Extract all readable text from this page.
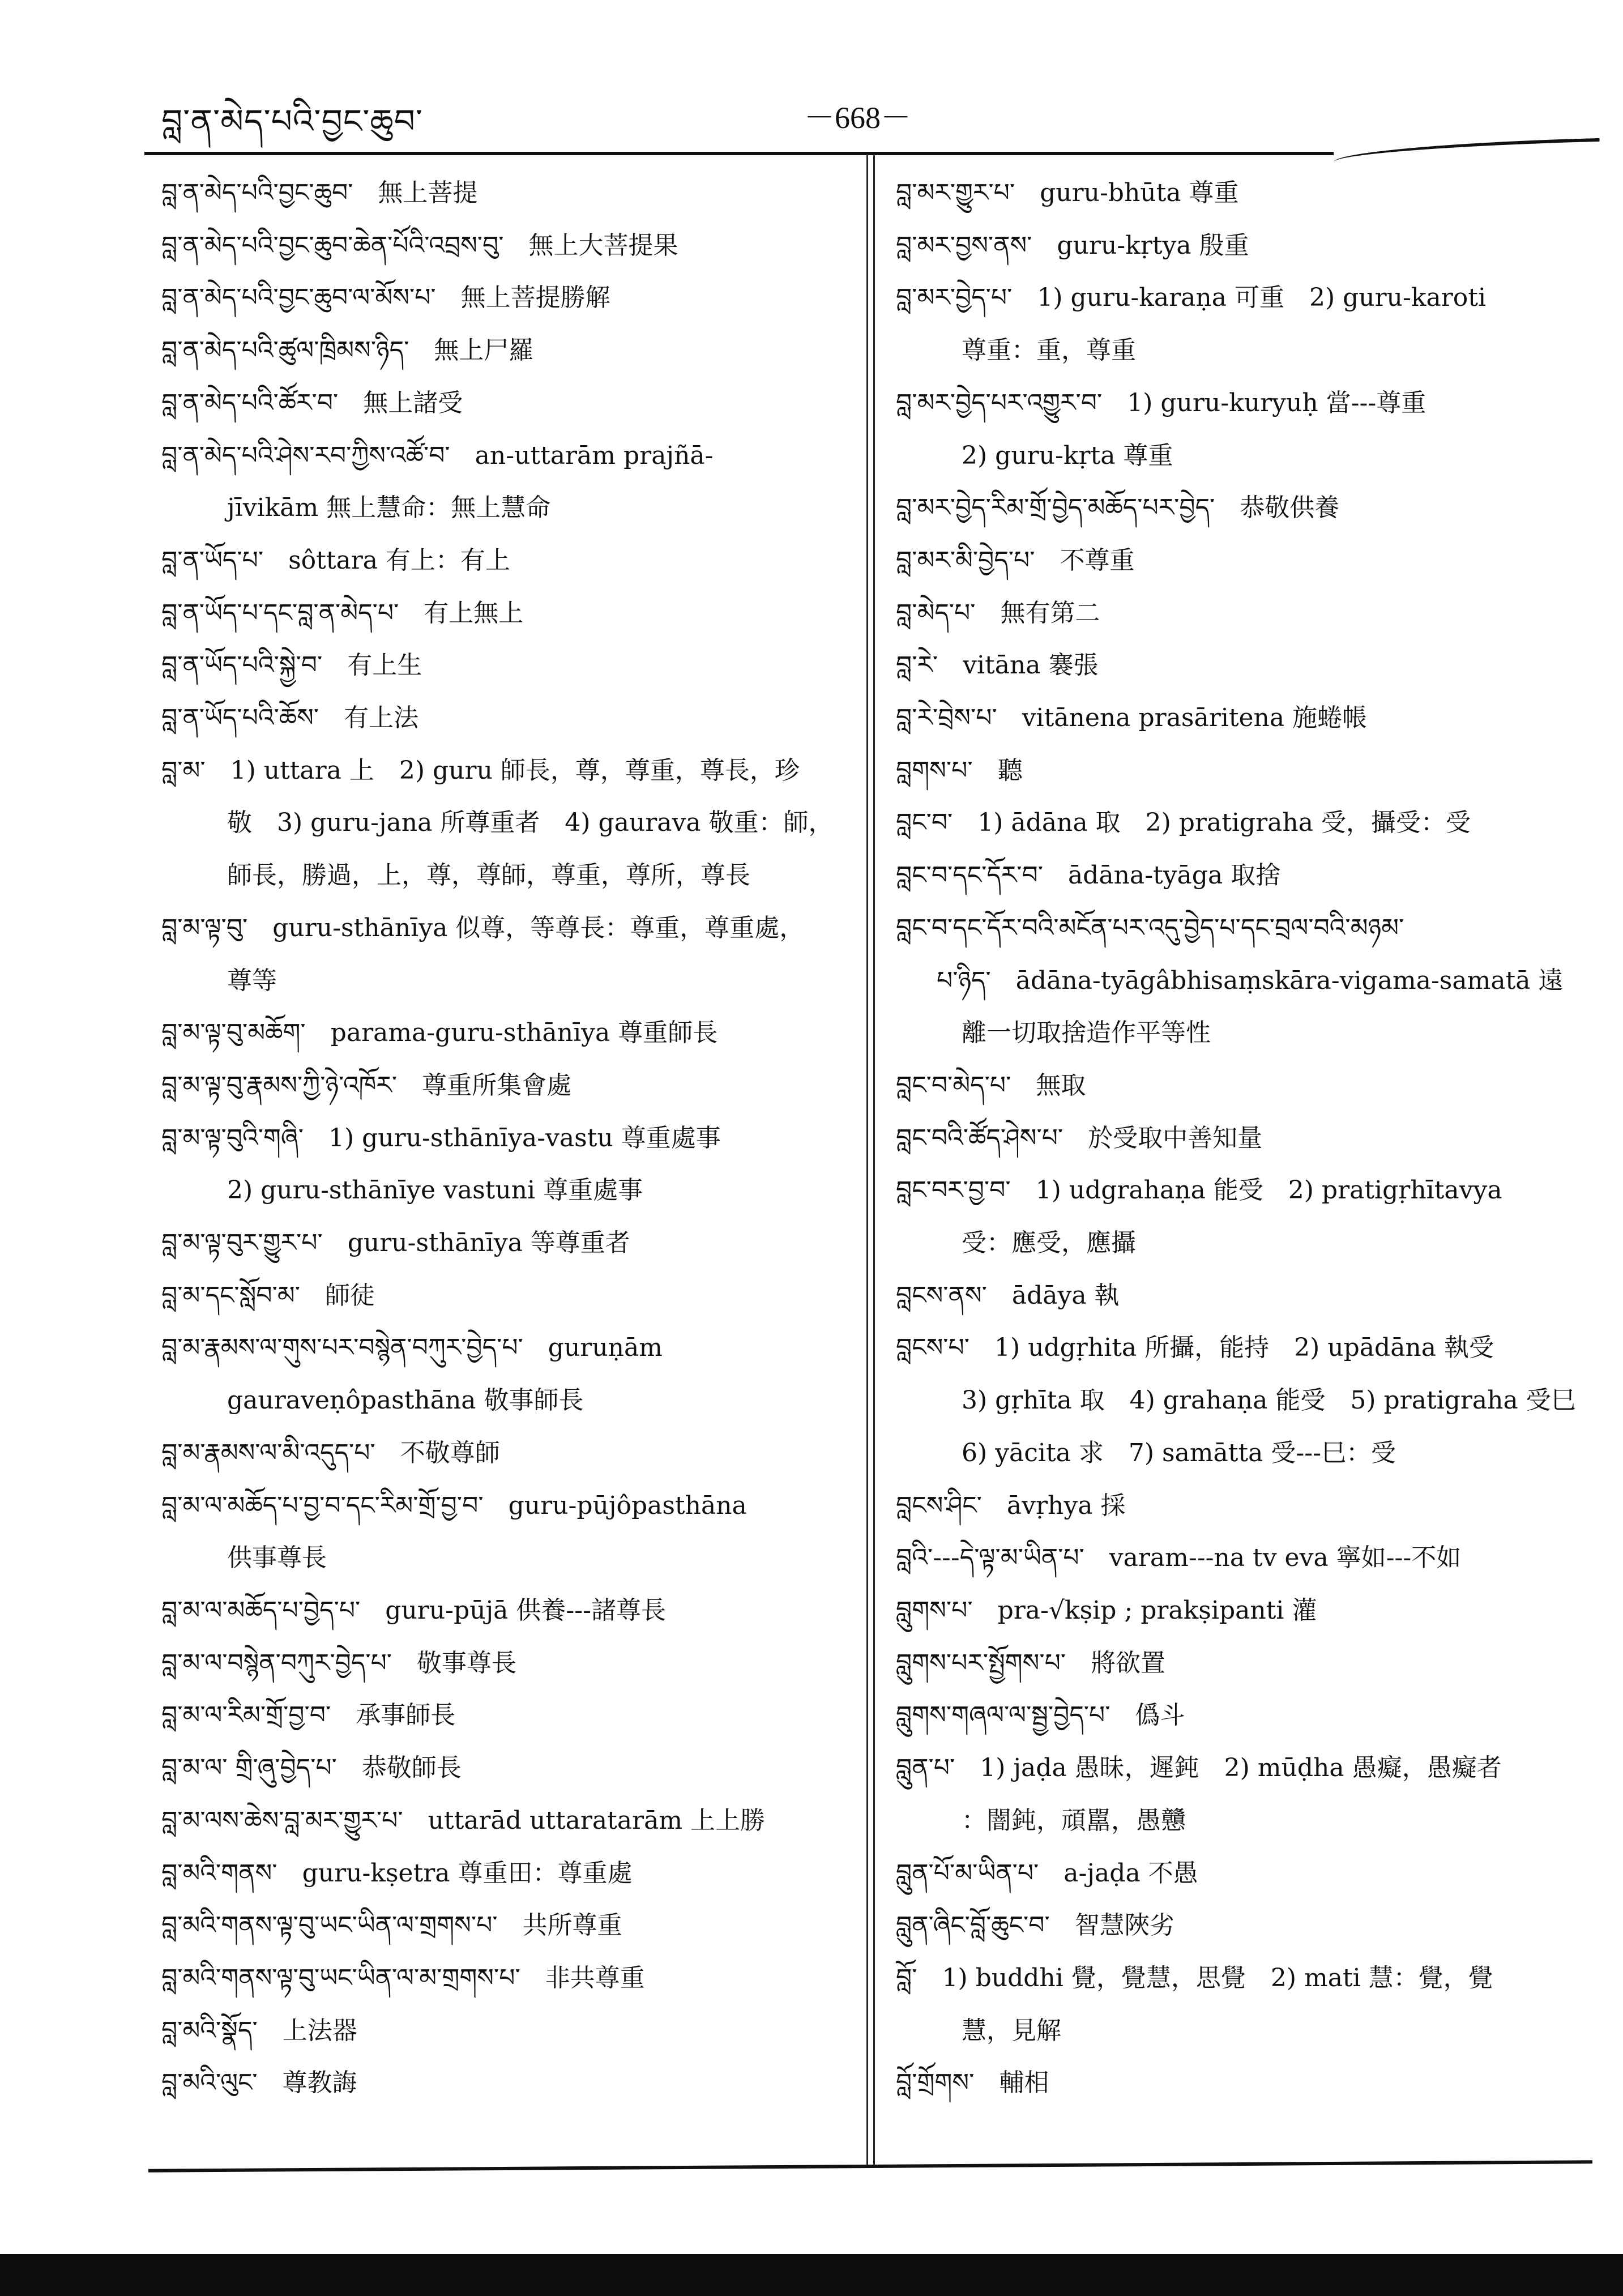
བླ་ན་མེད་པའི་བྱང་ཆུབ་	－668－

བླ་ན་མེད་པའི་བྱང་ཆུབ་  無上菩提

བླ་ན་མེད་པའི་བྱང་ཆུབ་ཆེན་པོའི་འབྲས་བུ་  無上大菩提果

བླ་ན་མེད་པའི་བྱང་ཆུབ་ལ་མོས་པ་  無上菩提勝解

བླ་ན་མེད་པའི་ཚུལ་ཁྲིམས་ཉིད་  無上尸羅

བླ་ན་མེད་པའི་ཚོར་བ་  無上諸受

བླ་ན་མེད་པའི་ཤེས་རབ་ཀྱིས་འཚོ་བ་  an-uttarām prajñā-

 jīvikām 無上慧命：無上慧命

བླ་ན་ཡོད་པ་  sôttara 有上：有上

བླ་ན་ཡོད་པ་དང་བླ་ན་མེད་པ་  有上無上

བླ་ན་ཡོད་པའི་སྐྱེ་བ་  有上生

བླ་ན་ཡོད་པའི་ཆོས་  有上法

བླ་མ་  1) uttara 上　2) guru 師長，尊，尊重，尊長，珍

 敬　3) guru-jana 所尊重者　4) gaurava 敬重：師，

 師長，勝過，上，尊，尊師，尊重，尊所，尊長

བླ་མ་ལྟ་བུ་  guru-sthānīya 似尊，等尊長：尊重，尊重處，

 尊等

བླ་མ་ལྟ་བུ་མཆོག་  parama-guru-sthānīya 尊重師長

བླ་མ་ལྟ་བུ་རྣམས་ཀྱི་ཉེ་འཁོར་  尊重所集會處

བླ་མ་ལྟ་བུའི་གཞི་  1) guru-sthānīya-vastu 尊重處事

 2) guru-sthānīye vastuni 尊重處事

བླ་མ་ལྟ་བུར་གྱུར་པ་  guru-sthānīya 等尊重者

བླ་མ་དང་སློབ་མ་  師徒

བླ་མ་རྣམས་ལ་གུས་པར་བསྙེན་བཀུར་བྱེད་པ་  guruṇām

 gauraveṇôpasthāna 敬事師長

བླ་མ་རྣམས་ལ་མི་འདུད་པ་  不敬尊師

བླ་མ་ལ་མཆོད་པ་བྱ་བ་དང་རིམ་གྲོ་བྱ་བ་  guru-pūjôpasthāna

 供事尊長

བླ་མ་ལ་མཆོད་པ་བྱེད་པ་  guru-pūjā 供養---諸尊長

བླ་མ་ལ་བསྙེན་བཀུར་བྱེད་པ་  敬事尊長

བླ་མ་ལ་རིམ་གྲོ་བྱ་བ་  承事師長

བླ་མ་ལ་ གྲི་ཞུ་བྱེད་པ་  恭敬師長

བླ་མ་ལས་ཆེས་བླ་མར་གྱུར་པ་  uttarād uttaratarām 上上勝

བླ་མའི་གནས་  guru-kṣetra 尊重田：尊重處

བླ་མའི་གནས་ལྟ་བུ་ཡང་ཡིན་ལ་གྲགས་པ་  共所尊重

བླ་མའི་གནས་ལྟ་བུ་ཡང་ཡིན་ལ་མ་གྲགས་པ་  非共尊重

བླ་མའི་སྣོད་  上法器

བླ་མའི་ལུང་  尊教誨

བླ་མར་གྱུར་པ་  guru-bhūta 尊重

བླ་མར་བྱས་ནས་  guru-kṛtya 殷重

བླ་མར་བྱེད་པ་  1) guru-karaṇa 可重　2) guru-karoti

 尊重：重，尊重

བླ་མར་བྱེད་པར་འགྱུར་བ་  1) guru-kuryuḥ 當---尊重

 2) guru-kṛta 尊重

བླ་མར་བྱེད་རིམ་གྲོ་བྱེད་མཆོད་པར་བྱེད་  恭敬供養

བླ་མར་མི་བྱེད་པ་  不尊重

བླ་མེད་པ་  無有第二

བླ་རེ་  vitāna 褰張

བླ་རེ་བྲེས་པ་  vitānena prasāritena 施蜷帳

བླགས་པ་  聽

བླང་བ་  1) ādāna 取　2) pratigraha 受，攝受：受

བླང་བ་དང་དོར་བ་  ādāna-tyāga 取捨

བླང་བ་དང་དོར་བའི་མངོན་པར་འདུ་བྱེད་པ་དང་བྲལ་བའི་མཉམ་ 

པ་ཉིད་  ādāna-tyāgâbhisaṃskāra-vigama-samatā 遠

 離一切取捨造作平等性

བླང་བ་མེད་པ་  無取

བླང་བའི་ཚོད་ཤེས་པ་  於受取中善知量

བླང་བར་བྱ་བ་  1) udgrahaṇa 能受　2) pratigṛhītavya

 受：應受，應攝

བླངས་ནས་  ādāya 執

བླངས་པ་  1) udgṛhita 所攝，能持　2) upādāna 執受

 3) gṛhīta 取　4) grahaṇa 能受　5) pratigraha 受巳

 6) yācita 求　7) samātta 受---巳：受

བླངས་ཤིང་  āvṛhya 採

བླའི་---དེ་ལྟ་མ་ཡིན་པ་  varam---na tv eva 寧如---不如

བླུགས་པ་  pra-√kṣip ; prakṣipanti 灌

བླུགས་པར་སྤྱོགས་པ་  將欲置

བླུགས་གཞལ་ལ་སྦྱ་བྱེད་པ་  僞斗

བླུན་པ་  1) jaḍa 愚昧，遲鈍　2) mūḍha 愚癡，愚癡者

 ：闇鈍，頑嚚，愚戇

བླུན་པོ་མ་ཡིན་པ་  a-jaḍa 不愚

བླུན་ཞིང་བློ་ཆུང་བ་  智慧陜劣

བློ་  1) buddhi 覺，覺慧，思覺　2) mati 慧：覺，覺

 慧，見解

བློ་གྲོགས་  輔相
